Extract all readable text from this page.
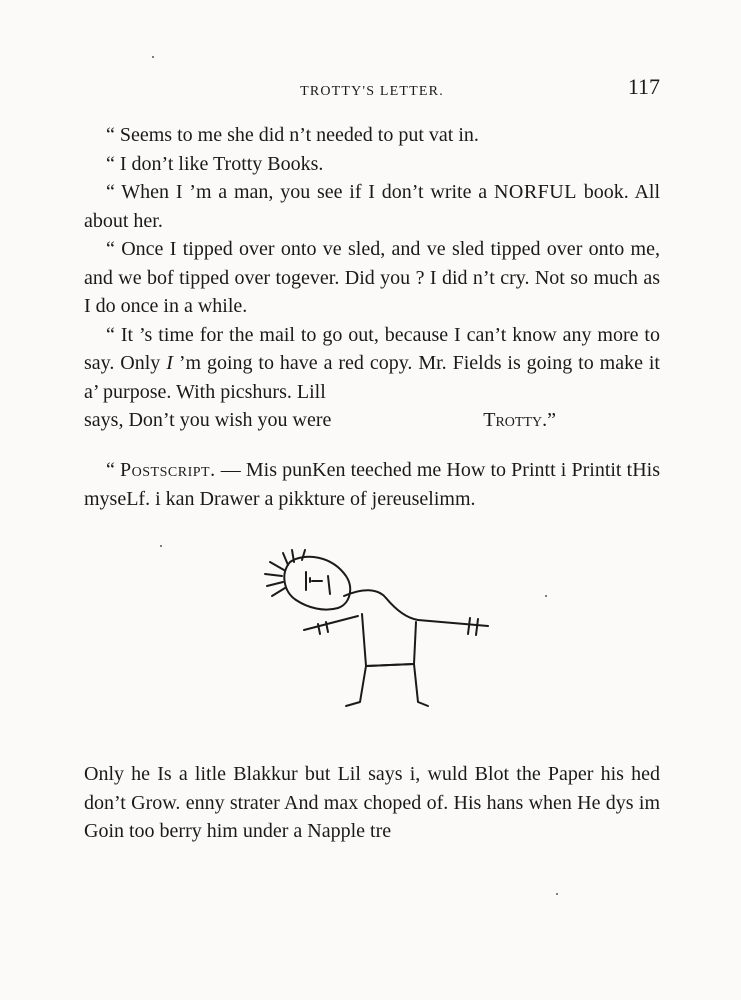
TROTTY'S LETTER.	117

“ Seems to me she did n’t needed to put vat in.

“ I don’t like Trotty Books.

“ When I ’m a man, you see if I don’t write a NORFUL book. All about her.

“ Once I tipped over onto ve sled, and ve sled tipped over onto me, and we bof tipped over togever. Did you ? I did n’t cry. Not so much as I do once in a while.

“ It ’s time for the mail to go out, because I can’t know any more to say. Only I ’m going to have a red copy. Mr. Fields is going to make it a’ purpose. With picshurs. Lill

says, Don’t you wish you were	Trotty.”

“ Postscript. — Mis punKen teeched me How to Printt i Printit tHis myseLf. i kan Drawer a pikkture of jereuselimm.

Only he Is a litle Blakkur but Lil says i, wuld Blot the Paper his hed don’t Grow. enny strater And max choped of. His hans when He dys im Goin too berry him under a Napple tre
